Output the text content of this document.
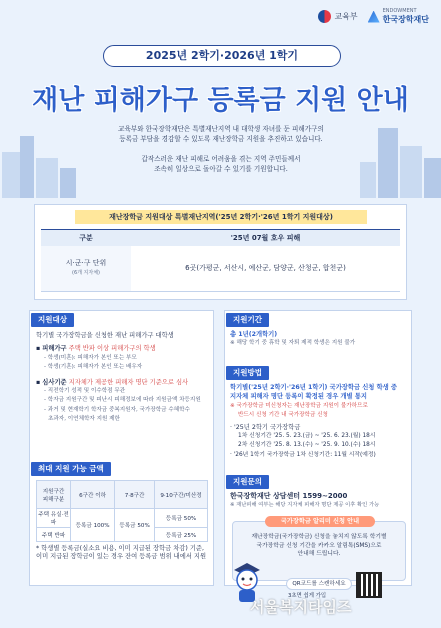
교육부
ENDOWMENT
한국장학재단
2025년 2학기·2026년 1학기
재난 피해가구 등록금 지원 안내

교육부와 한국장학재단은 특별재난지역 내 대학생 자녀를 둔 피해가구의
등록금 부담을 경감할 수 있도록 재난장학금 지원을 추진하고 있습니다.

갑작스러운 재난 피해로 어려움을 겪는 지역 주민들께서
조속히 일상으로 돌아갈 수 있기를 기원합니다.

재난장학금 지원대상 특별재난지역('25년 2학기·'26년 1학기 지원대상)
구분	'25년 07월 호우 피해
시·군·구 단위
(6개 지자체)	6곳(가평군, 서산시, 예산군, 담양군, 산청군, 합천군)
지원대상
학기별 국가장학금을 신청한 재난 피해가구 대학생
▪ 피해가구 주택 반파 이상 피해가구의 학생
- 학생(미혼): 피해자가 본인 또는 부모
- 학생(기혼): 피해자가 본인 또는 배우자
▪ 심사기준 지자체가 제공한 피해자 명단 기준으로 심사
- 직전학기 성적 및 이수학점 무관
- 학자금 지원구간 및 피난시 피해정보에 따라 지원금액 차등지원
- 과거 및 현재학기 학자금 중복지원자, 국가장학금 수혜학수
초과자, 이연체학자 지원 제한
최대 지원 가능 금액
지원구간
피해구분	6구간 이하	7·8구간	9·10구간/미산정
주택 유실·전파	등록금 100%	등록금 50%	등록금 50%
주택 반파			등록금 25%
* 학생별 등록금(실소요 비용, 이미 지급된 장학금 차감) 기준, 이미 지급된 장학금이 있는 경우 잔여 등록금 범위 내에서 지원
지원기간
총 1년(2개학기)
※ 해당 학기 중 휴학 및 자퇴 제적 학생은 지원 불가
지원방법
학기별('25년 2학기·'26년 1학기) 국가장학금 신청 학생 중
지자체 피해자 명단 등록이 확정된 경우 개별 통지
※ 국가장학금 미신청자는 재난장학금 지원이 불가하므로
반드시 신청 기간 내 국가장학금 신청
· '25년 2학기 국가장학금
1차 신청기간 '25. 5. 23.(금) ~ '25. 6. 23.(월) 18시
2차 신청기간 '25. 8. 13.(수) ~ '25. 9. 10.(수) 18시
· '26년 1학기 국가장학금 1차 신청기간: 11월 시작(예정)
지원문의
한국장학재단 상담센터 1599~2000
※ 재난피해 여부는 해당 지자체 피해자 명단 제공 이후 확인 가능
국가장학금 알리미 신청 안내
재난장학금(국가장학금) 신청을 놓치지 않도록 학기별
국가장학금 신청 기간을 카카오 알림톡(SMS)으로
안내해 드립니다.
QR코드를 스캔하세요
3초면 쉽게 가입
서울복지타임즈
